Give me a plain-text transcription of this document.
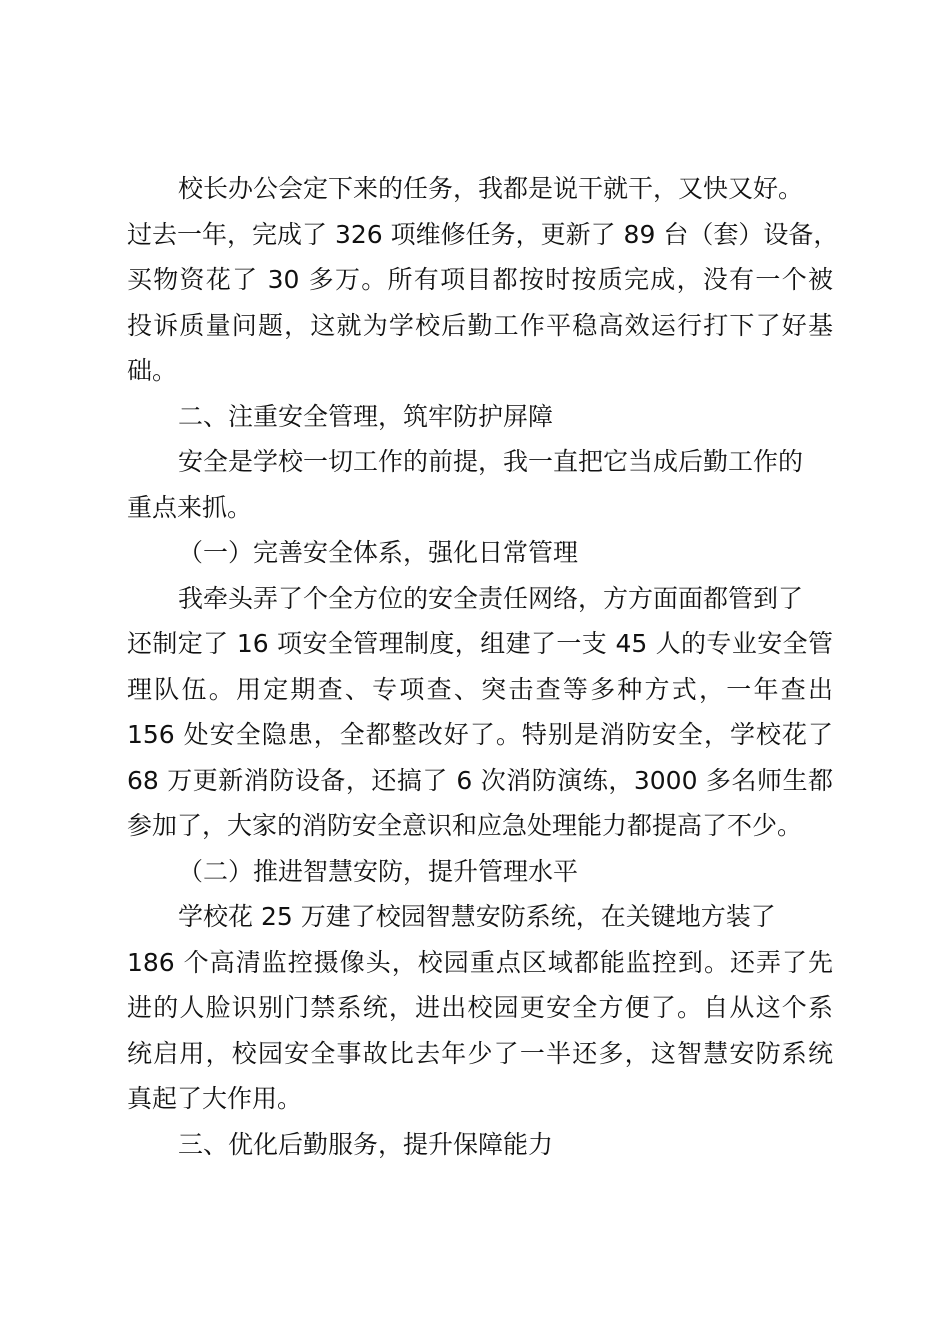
校长办公会定下来的任务，我都是说干就干，又快又好。
过去一年，完成了 326 项维修任务，更新了 89 台（套）设备，
买物资花了 30 多万。所有项目都按时按质完成，没有一个被
投诉质量问题，这就为学校后勤工作平稳高效运行打下了好基
础。
二、注重安全管理，筑牢防护屏障
安全是学校一切工作的前提，我一直把它当成后勤工作的
重点来抓。
（一）完善安全体系，强化日常管理
我牵头弄了个全方位的安全责任网络，方方面面都管到了
还制定了 16 项安全管理制度，组建了一支 45 人的专业安全管
理队伍。用定期查、专项查、突击查等多种方式，一年查出
156 处安全隐患，全都整改好了。特别是消防安全，学校花了
68 万更新消防设备，还搞了 6 次消防演练，3000 多名师生都
参加了，大家的消防安全意识和应急处理能力都提高了不少。
（二）推进智慧安防，提升管理水平
学校花 25 万建了校园智慧安防系统，在关键地方装了
186 个高清监控摄像头，校园重点区域都能监控到。还弄了先
进的人脸识别门禁系统，进出校园更安全方便了。自从这个系
统启用，校园安全事故比去年少了一半还多，这智慧安防系统
真起了大作用。
三、优化后勤服务，提升保障能力
